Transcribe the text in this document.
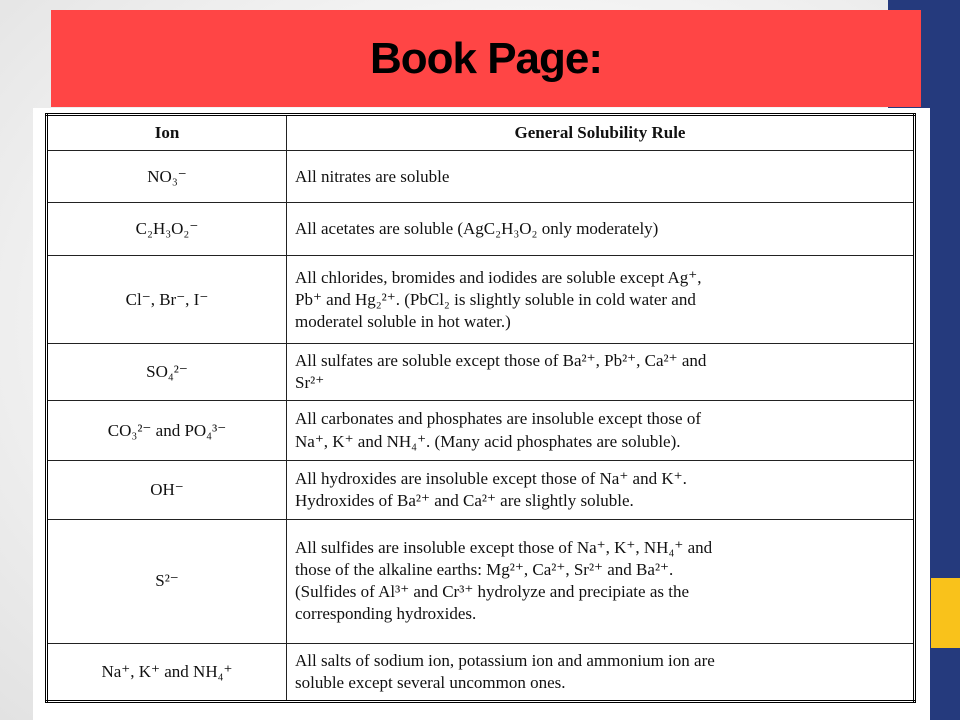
Book Page:
Ion	General Solubility Rule
NO₃⁻	All nitrates are soluble
C₂H₃O₂⁻	All acetates are soluble (AgC₂H₃O₂ only moderately)
Cl⁻, Br⁻, I⁻	All chlorides, bromides and iodides are soluble except Ag⁺,
Pb⁺ and Hg₂²⁺. (PbCl₂ is slightly soluble in cold water and
moderatel soluble in hot water.)
SO₄²⁻	All sulfates are soluble except those of Ba²⁺, Pb²⁺, Ca²⁺ and
Sr²⁺
CO₃²⁻ and PO₄³⁻	All carbonates and phosphates are insoluble except those of
Na⁺, K⁺ and NH₄⁺. (Many acid phosphates are soluble).
OH⁻	All hydroxides are insoluble except those of Na⁺ and K⁺.
Hydroxides of Ba²⁺ and Ca²⁺ are slightly soluble.
S²⁻	All sulfides are insoluble except those of Na⁺, K⁺, NH₄⁺ and
those of the alkaline earths: Mg²⁺, Ca²⁺, Sr²⁺ and Ba²⁺.
(Sulfides of Al³⁺ and Cr³⁺ hydrolyze and precipiate as the
corresponding hydroxides.
Na⁺, K⁺ and NH₄⁺	All salts of sodium ion, potassium ion and ammonium ion are
soluble except several uncommon ones.
